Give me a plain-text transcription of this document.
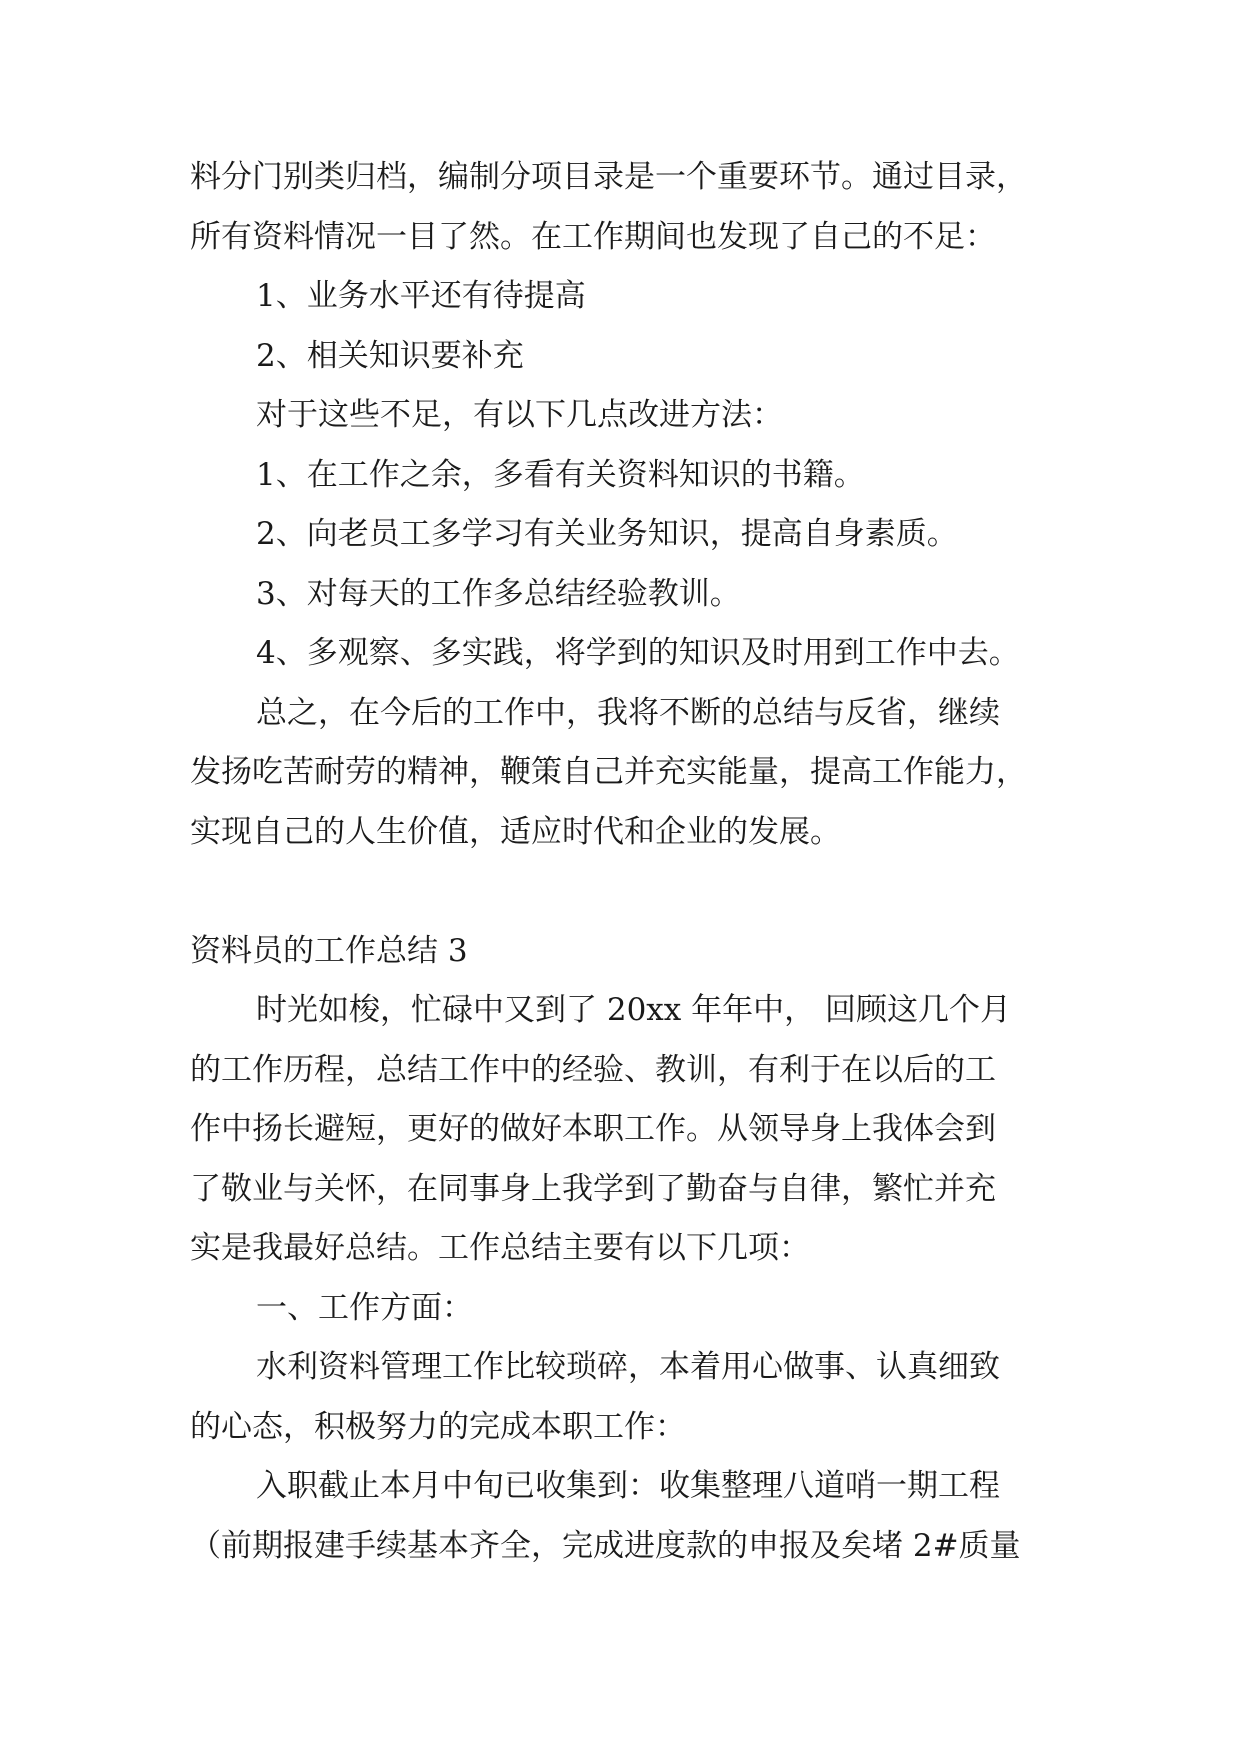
料分门别类归档，编制分项目录是一个重要环节。通过目录，
所有资料情况一目了然。在工作期间也发现了自己的不足：
1、业务水平还有待提高
2、相关知识要补充
对于这些不足，有以下几点改进方法：
1、在工作之余，多看有关资料知识的书籍。
2、向老员工多学习有关业务知识，提高自身素质。
3、对每天的工作多总结经验教训。
4、多观察、多实践，将学到的知识及时用到工作中去。
总之，在今后的工作中，我将不断的总结与反省，继续
发扬吃苦耐劳的精神，鞭策自己并充实能量，提高工作能力，
实现自己的人生价值，适应时代和企业的发展。
资料员的工作总结 3
时光如梭，忙碌中又到了 20xx 年年中， 回顾这几个月
的工作历程，总结工作中的经验、教训，有利于在以后的工
作中扬长避短，更好的做好本职工作。从领导身上我体会到
了敬业与关怀，在同事身上我学到了勤奋与自律，繁忙并充
实是我最好总结。工作总结主要有以下几项：
一、工作方面：
水利资料管理工作比较琐碎，本着用心做事、认真细致
的心态，积极努力的完成本职工作：
入职截止本月中旬已收集到：收集整理八道哨一期工程
（前期报建手续基本齐全，完成进度款的申报及矣堵 2#质量
